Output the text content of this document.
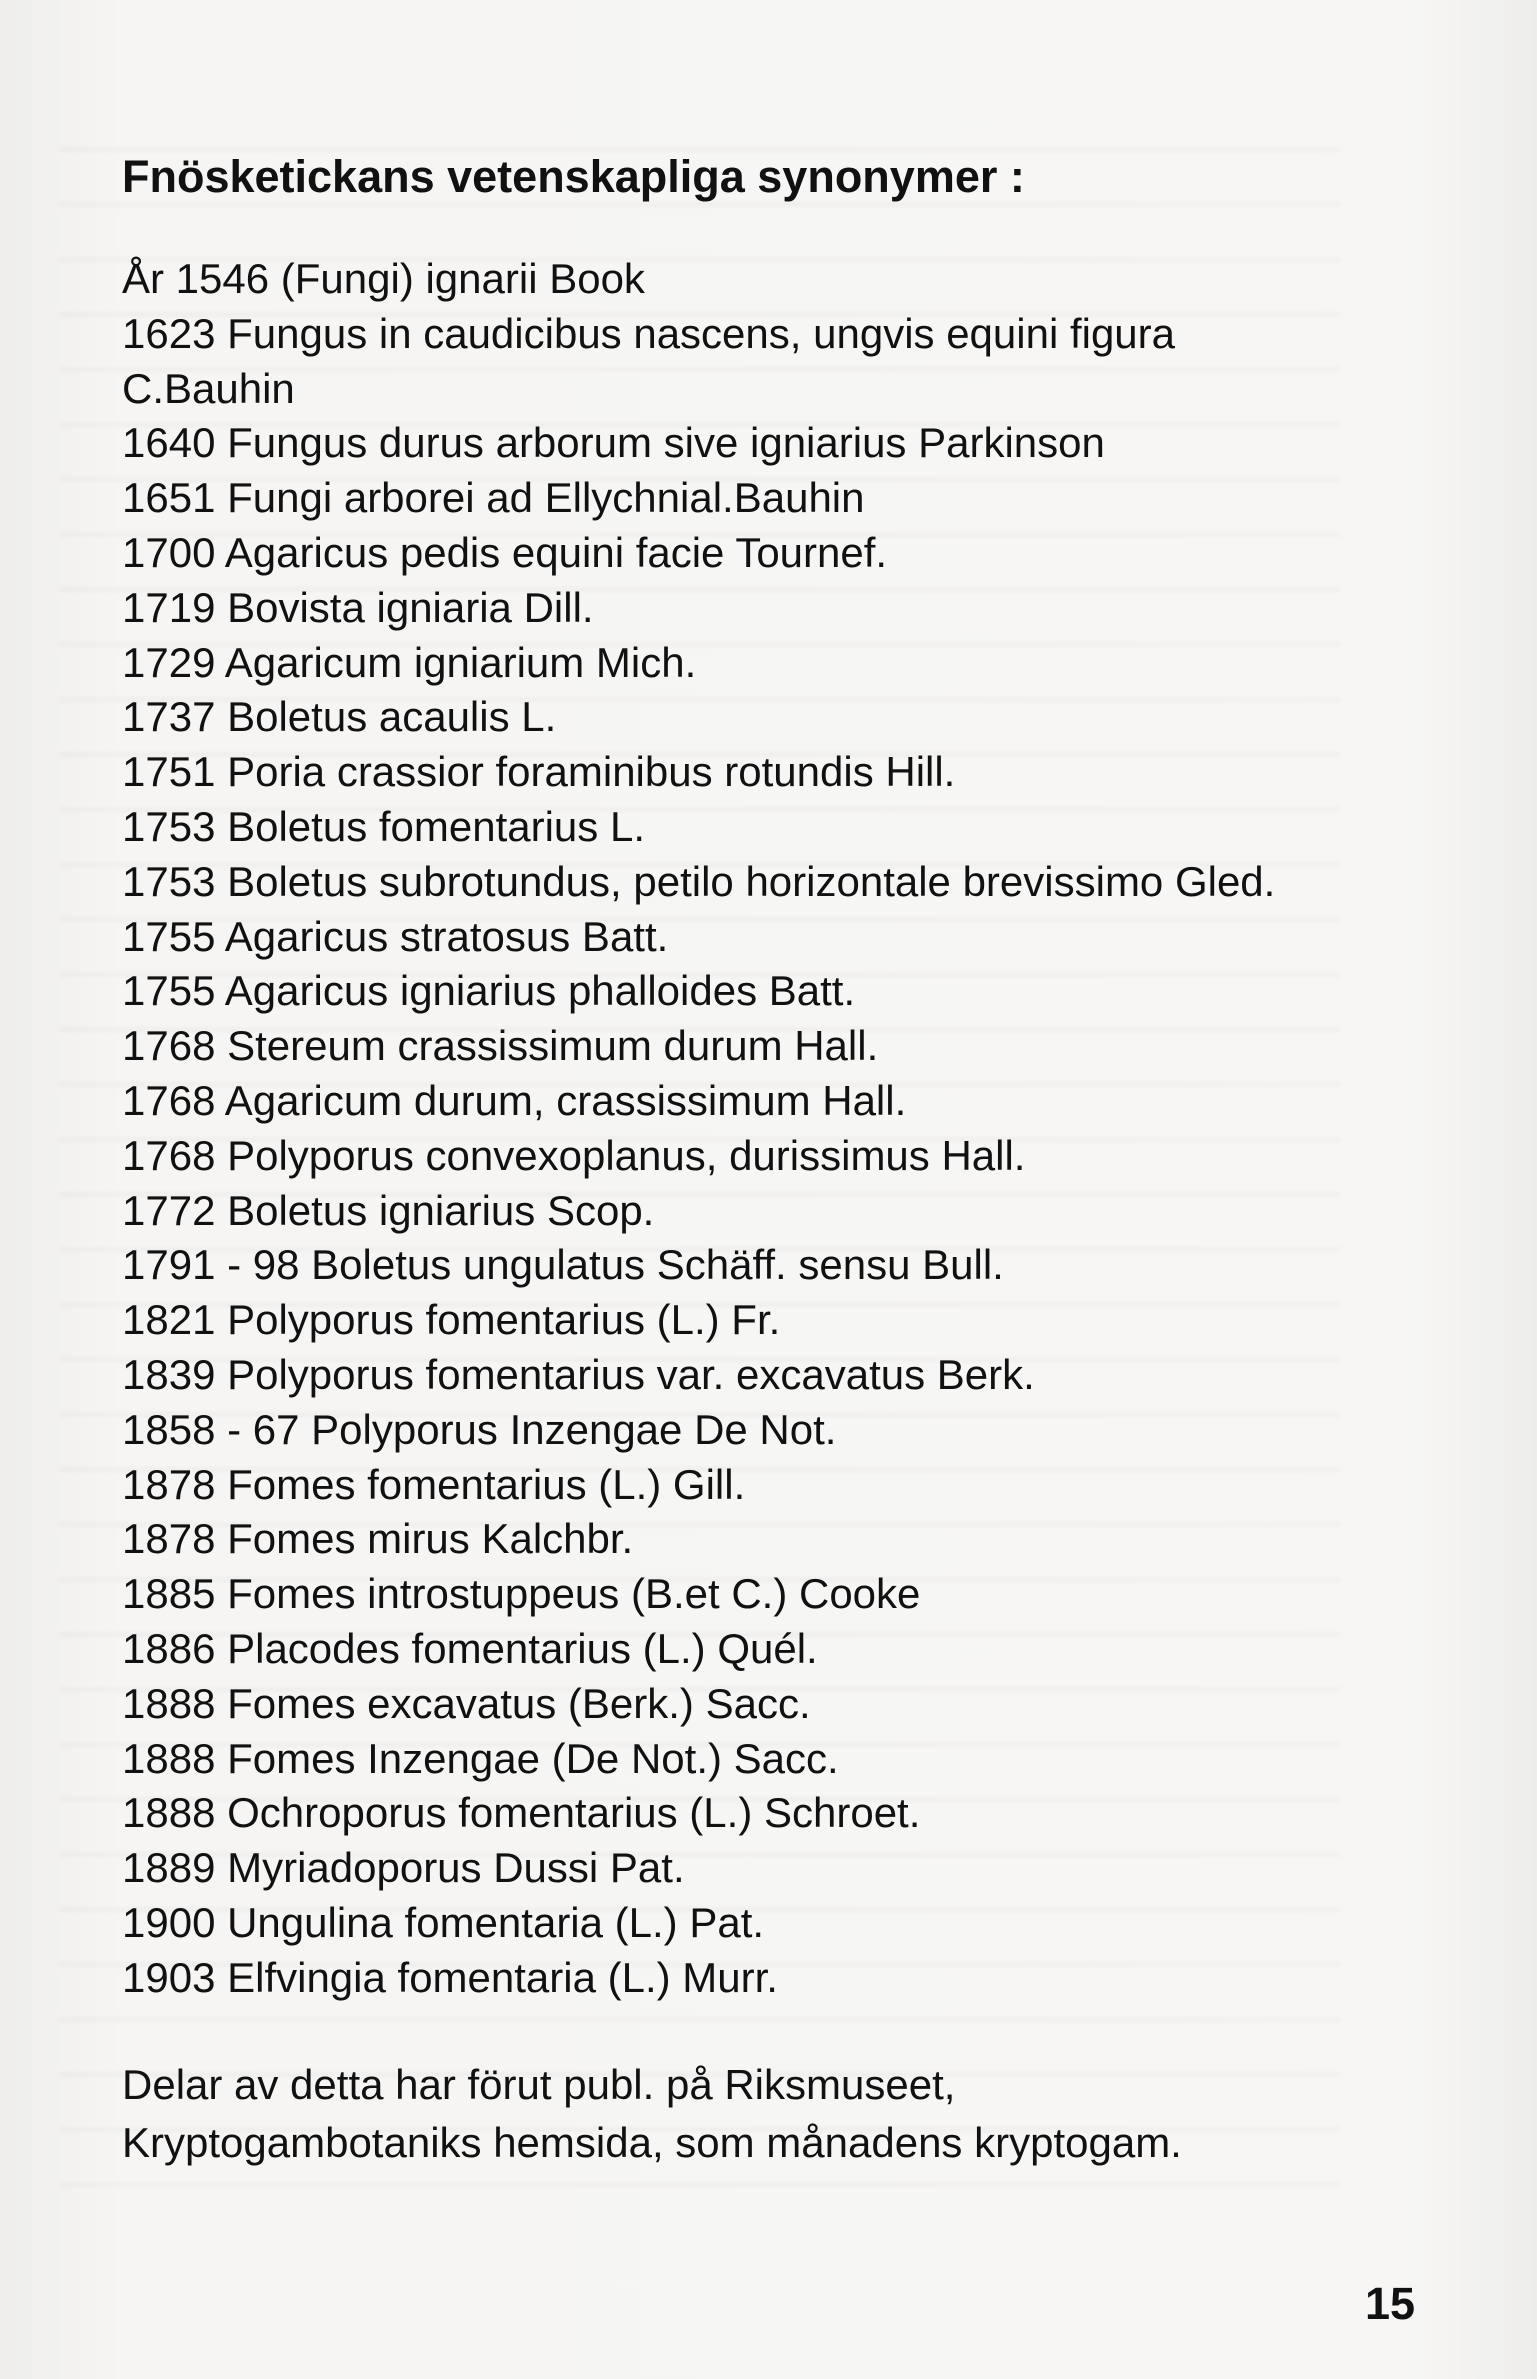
Fnösketickans vetenskapliga synonymer :
År 1546 (Fungi) ignarii Book
1623 Fungus in caudicibus nascens, ungvis equini figura
C.Bauhin
1640 Fungus durus arborum sive igniarius Parkinson
1651 Fungi arborei ad Ellychnial.Bauhin
1700 Agaricus pedis equini facie Tournef.
1719 Bovista igniaria Dill.
1729 Agaricum igniarium Mich.
1737 Boletus acaulis L.
1751 Poria crassior foraminibus rotundis Hill.
1753 Boletus fomentarius L.
1753 Boletus subrotundus, petilo horizontale brevissimo Gled.
1755 Agaricus stratosus Batt.
1755 Agaricus igniarius phalloides Batt.
1768 Stereum crassissimum durum Hall.
1768 Agaricum durum, crassissimum Hall.
1768 Polyporus convexoplanus, durissimus Hall.
1772 Boletus igniarius Scop.
1791 - 98 Boletus ungulatus Schäff. sensu Bull.
1821 Polyporus fomentarius (L.) Fr.
1839 Polyporus fomentarius var. excavatus Berk.
1858 - 67 Polyporus Inzengae De Not.
1878 Fomes fomentarius (L.) Gill.
1878 Fomes mirus Kalchbr.
1885 Fomes introstuppeus (B.et C.) Cooke
1886 Placodes fomentarius (L.) Quél.
1888 Fomes excavatus (Berk.) Sacc.
1888 Fomes Inzengae (De Not.) Sacc.
1888 Ochroporus fomentarius (L.) Schroet.
1889 Myriadoporus Dussi Pat.
1900 Ungulina fomentaria (L.) Pat.
1903 Elfvingia fomentaria (L.) Murr.
Delar av detta har förut publ. på Riksmuseet,
Kryptogambotaniks hemsida, som månadens kryptogam.
15
